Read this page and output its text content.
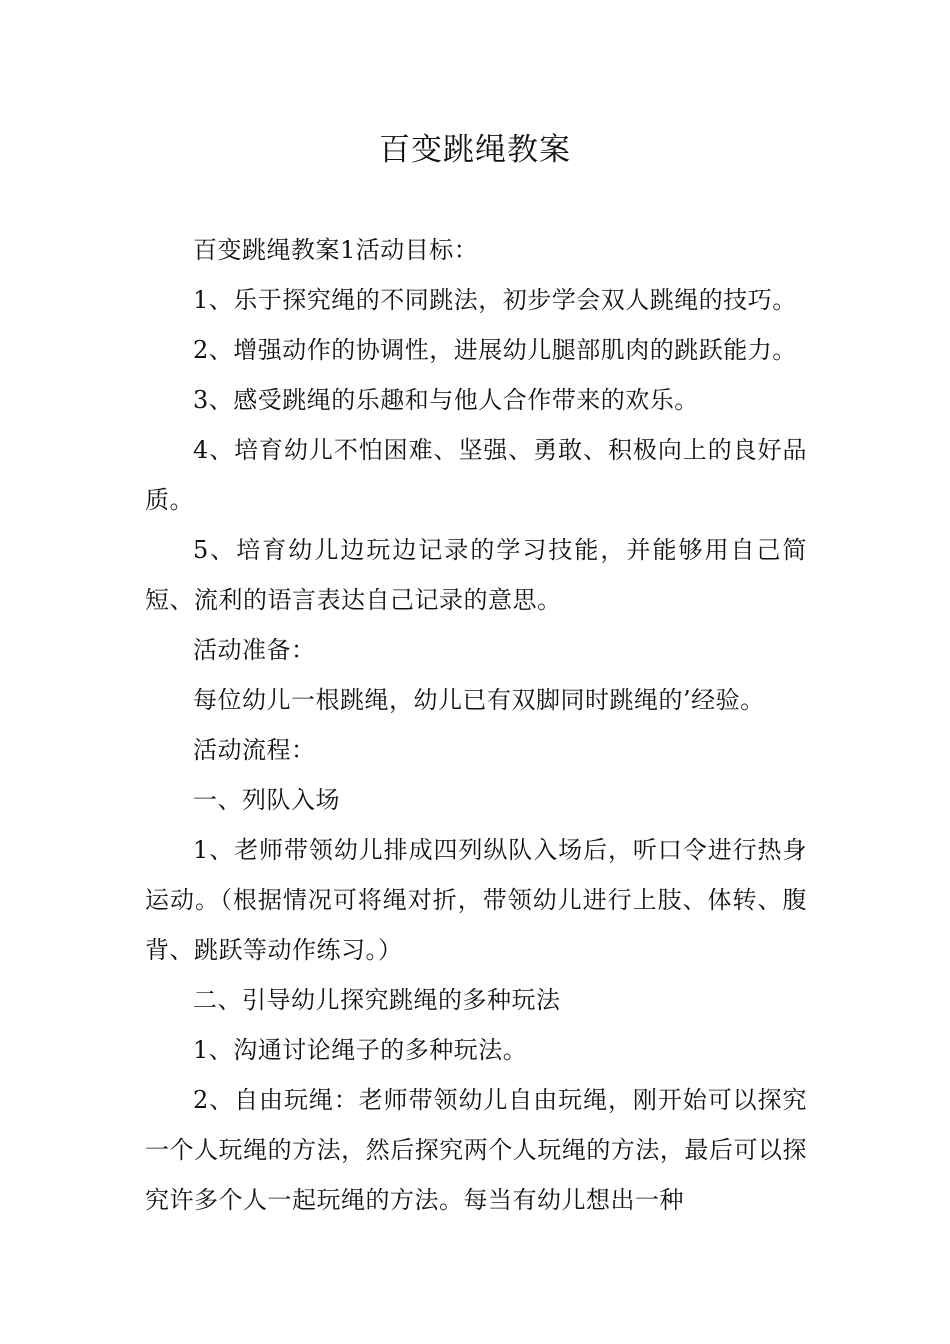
百变跳绳教案

百变跳绳教案1活动目标：

1、乐于探究绳的不同跳法，初步学会双人跳绳的技巧。

2、增强动作的协调性，进展幼儿腿部肌肉的跳跃能力。

3、感受跳绳的乐趣和与他人合作带来的欢乐。

4、培育幼儿不怕困难、坚强、勇敢、积极向上的良好品质。

5、培育幼儿边玩边记录的学习技能，并能够用自己简短、流利的语言表达自己记录的意思。

活动准备：

每位幼儿一根跳绳，幼儿已有双脚同时跳绳的’经验。

活动流程：

一、列队入场

1、老师带领幼儿排成四列纵队入场后，听口令进行热身运动。（根据情况可将绳对折，带领幼儿进行上肢、体转、腹背、跳跃等动作练习。）

二、引导幼儿探究跳绳的多种玩法

1、沟通讨论绳子的多种玩法。

2、自由玩绳：老师带领幼儿自由玩绳，刚开始可以探究一个人玩绳的方法，然后探究两个人玩绳的方法，最后可以探究许多个人一起玩绳的方法。每当有幼儿想出一种
